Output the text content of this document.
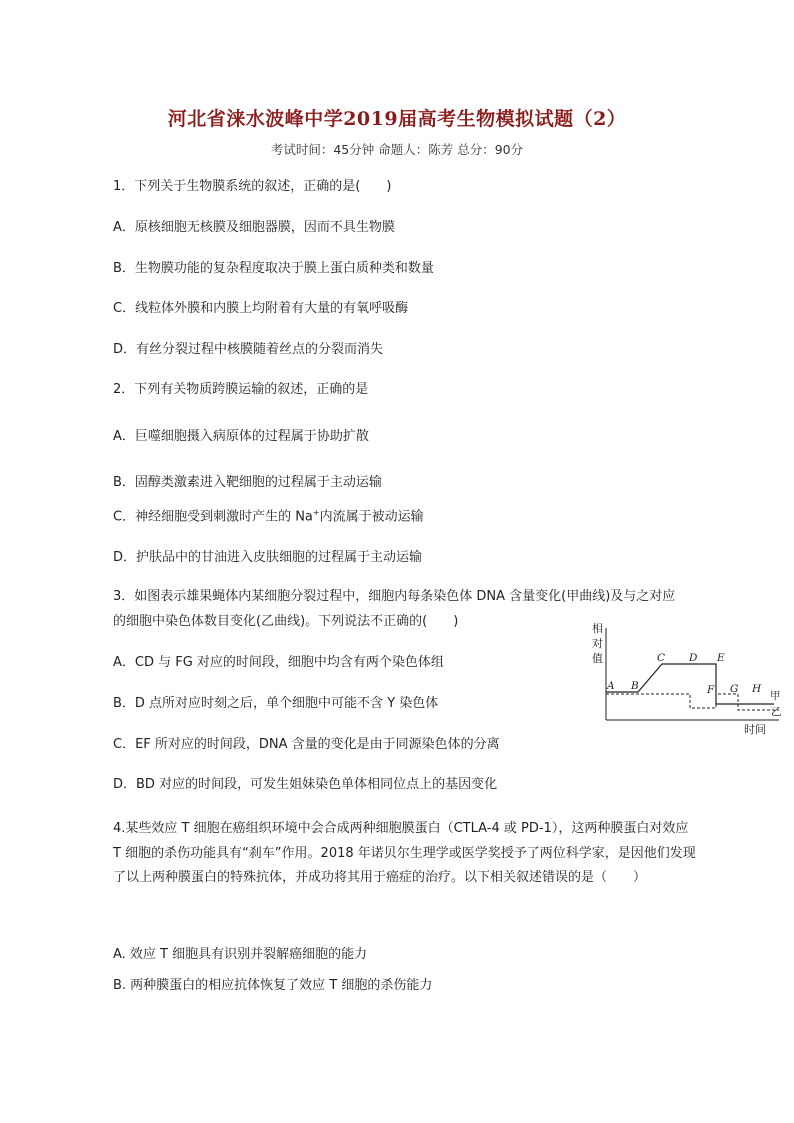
河北省涞水波峰中学2019届高考生物模拟试题（2）
考试时间：45分钟 命题人：陈芳 总分：90分
1．下列关于生物膜系统的叙述，正确的是(　　)
A．原核细胞无核膜及细胞器膜，因而不具生物膜
B．生物膜功能的复杂程度取决于膜上蛋白质种类和数量
C．线粒体外膜和内膜上均附着有大量的有氧呼吸酶
D．有丝分裂过程中核膜随着丝点的分裂而消失
2．下列有关物质跨膜运输的叙述，正确的是
A．巨噬细胞摄入病原体的过程属于协助扩散
B．固醇类激素进入靶细胞的过程属于主动运输
C．神经细胞受到刺激时产生的 Na+内流属于被动运输
D．护肤品中的甘油进入皮肤细胞的过程属于主动运输
3．如图表示雄果蝇体内某细胞分裂过程中，细胞内每条染色体 DNA 含量变化(甲曲线)及与之对应的细胞中染色体数目变化(乙曲线)。下列说法不正确的(　　)
A．CD 与 FG 对应的时间段，细胞中均含有两个染色体组
B．D 点所对应时刻之后，单个细胞中可能不含 Y 染色体
C．EF 所对应的时间段，DNA 含量的变化是由于同源染色体的分离
D．BD 对应的时间段，可发生姐妹染色单体相同位点上的基因变化
相
对
值
时间
A B
C D E
F G H
甲
乙
4.某些效应 T 细胞在癌组织环境中会合成两种细胞膜蛋白（CTLA-4 或 PD-1），这两种膜蛋白对效应 T 细胞的杀伤功能具有“刹车”作用。2018 年诺贝尔生理学或医学奖授予了两位科学家，是因他们发现了以上两种膜蛋白的特殊抗体，并成功将其用于癌症的治疗。以下相关叙述错误的是（　　）
A. 效应 T 细胞具有识别并裂解癌细胞的能力
B. 两种膜蛋白的相应抗体恢复了效应 T 细胞的杀伤能力
